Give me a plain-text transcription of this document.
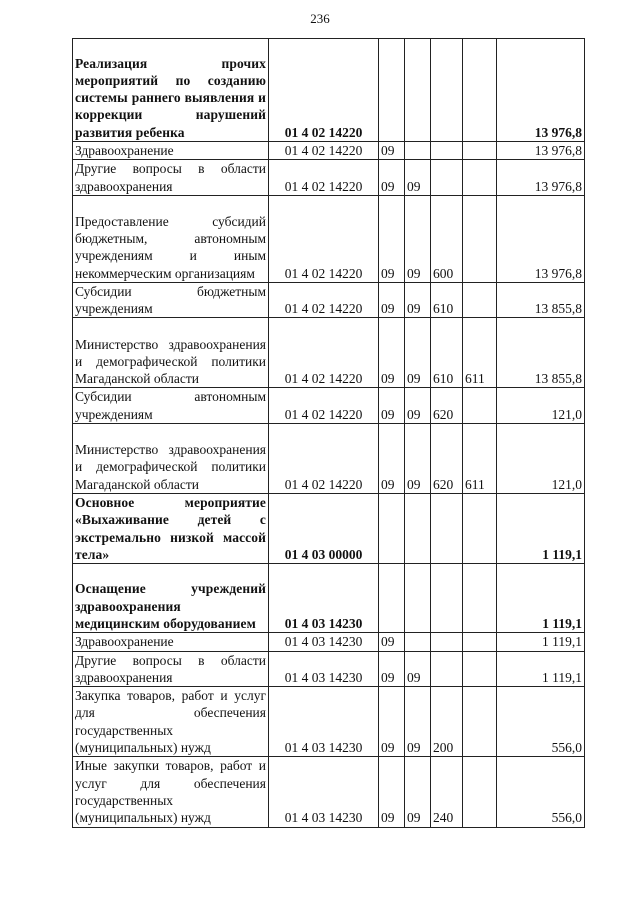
236
Реализация прочих мероприятий по созданию системы раннего выявления и коррекции нарушений развития ребенка	01 4 02 14220					13 976,8
Здравоохранение	01 4 02 14220	09				13 976,8
Другие вопросы в области здравоохранения	01 4 02 14220	09	09			13 976,8
Предоставление субсидий бюджетным, автономным учреждениям и иным некоммерческим организациям	01 4 02 14220	09	09	600		13 976,8
Субсидии бюджетным учреждениям	01 4 02 14220	09	09	610		13 855,8
Министерство здравоохранения и демографической политики Магаданской области	01 4 02 14220	09	09	610	611	13 855,8
Субсидии автономным учреждениям	01 4 02 14220	09	09	620		121,0
Министерство здравоохранения и демографической политики Магаданской области	01 4 02 14220	09	09	620	611	121,0
Основное мероприятие «Выхаживание детей с экстремально низкой массой тела»	01 4 03 00000					1 119,1
Оснащение учреждений здравоохранения медицинским оборудованием	01 4 03 14230					1 119,1
Здравоохранение	01 4 03 14230	09				1 119,1
Другие вопросы в области здравоохранения	01 4 03 14230	09	09			1 119,1
Закупка товаров, работ и услуг для обеспечения государственных (муниципальных) нужд	01 4 03 14230	09	09	200		556,0
Иные закупки товаров, работ и услуг для обеспечения государственных (муниципальных) нужд	01 4 03 14230	09	09	240		556,0
